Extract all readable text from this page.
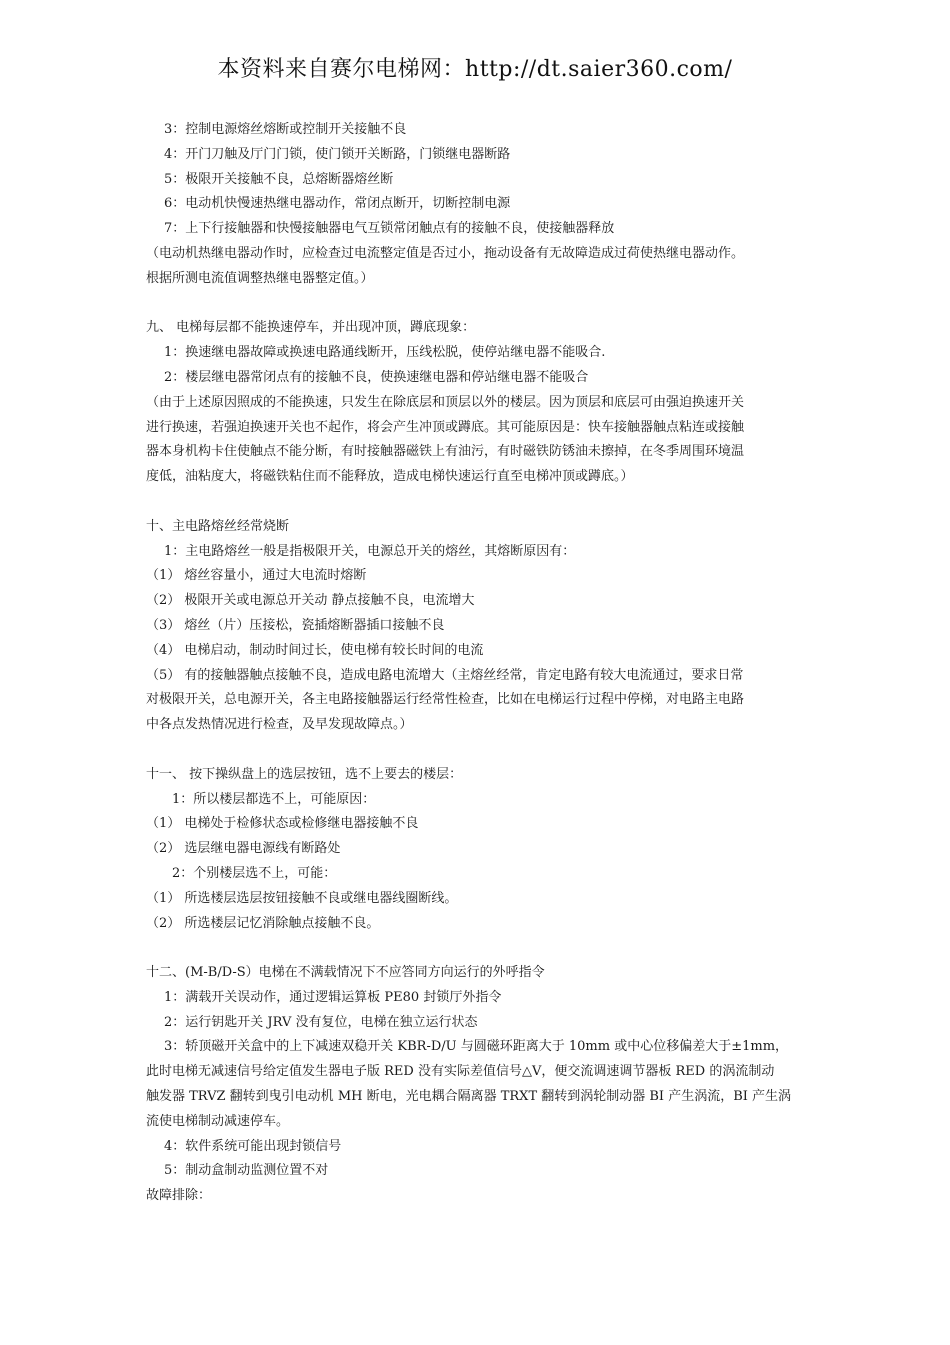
本资料来自赛尔电梯网：http://dt.saier360.com/
3：控制电源熔丝熔断或控制开关接触不良
4：开门刀触及厅门门锁，使门锁开关断路，门锁继电器断路
5：极限开关接触不良，总熔断器熔丝断
6：电动机快慢速热继电器动作，常闭点断开，切断控制电源
7：上下行接触器和快慢接触器电气互锁常闭触点有的接触不良，使接触器释放
（电动机热继电器动作时，应检查过电流整定值是否过小，拖动设备有无故障造成过荷使热继电器动作。
根据所测电流值调整热继电器整定值。）
九、 电梯每层都不能换速停车，并出现冲顶，蹲底现象：
1：换速继电器故障或换速电路通线断开，压线松脱，使停站继电器不能吸合.
2：楼层继电器常闭点有的接触不良，使换速继电器和停站继电器不能吸合
（由于上述原因照成的不能换速，只发生在除底层和顶层以外的楼层。因为顶层和底层可由强迫换速开关
进行换速，若强迫换速开关也不起作，将会产生冲顶或蹲底。其可能原因是：快车接触器触点粘连或接触
器本身机构卡住使触点不能分断，有时接触器磁铁上有油污，有时磁铁防锈油未擦掉，在冬季周围环境温
度低，油粘度大，将磁铁粘住而不能释放，造成电梯快速运行直至电梯冲顶或蹲底。）
十、主电路熔丝经常烧断
1：主电路熔丝一般是指极限开关，电源总开关的熔丝，其熔断原因有：
（1） 熔丝容量小，通过大电流时熔断
（2） 极限开关或电源总开关动 静点接触不良，电流增大
（3） 熔丝（片）压接松，瓷插熔断器插口接触不良
（4） 电梯启动，制动时间过长，使电梯有较长时间的电流
（5） 有的接触器触点接触不良，造成电路电流增大（主熔丝经常，肯定电路有较大电流通过，要求日常
对极限开关，总电源开关，各主电路接触器运行经常性检查，比如在电梯运行过程中停梯，对电路主电路
中各点发热情况进行检查，及早发现故障点。）
十一、 按下操纵盘上的选层按钮，选不上要去的楼层：
1：所以楼层都选不上，可能原因：
（1） 电梯处于检修状态或检修继电器接触不良
（2） 选层继电器电源线有断路处
2：个别楼层选不上，可能：
（1） 所选楼层选层按钮接触不良或继电器线圈断线。
（2） 所选楼层记忆消除触点接触不良。
十二、(M-B/D-S）电梯在不满载情况下不应答同方向运行的外呼指令
1：满载开关误动作，通过逻辑运算板 PE80 封锁厅外指令
2：运行钥匙开关 JRV 没有复位，电梯在独立运行状态
3：轿顶磁开关盒中的上下减速双稳开关 KBR-D/U 与圆磁环距离大于 10mm 或中心位移偏差大于±1mm，
此时电梯无减速信号给定值发生器电子版 RED 没有实际差值信号△V，便交流调速调节器板 RED 的涡流制动
触发器 TRVZ 翻转到曳引电动机 MH 断电，光电耦合隔离器 TRXT 翻转到涡轮制动器 BI 产生涡流，BI 产生涡
流使电梯制动减速停车。
4：软件系统可能出现封锁信号
5：制动盒制动监测位置不对
故障排除：
